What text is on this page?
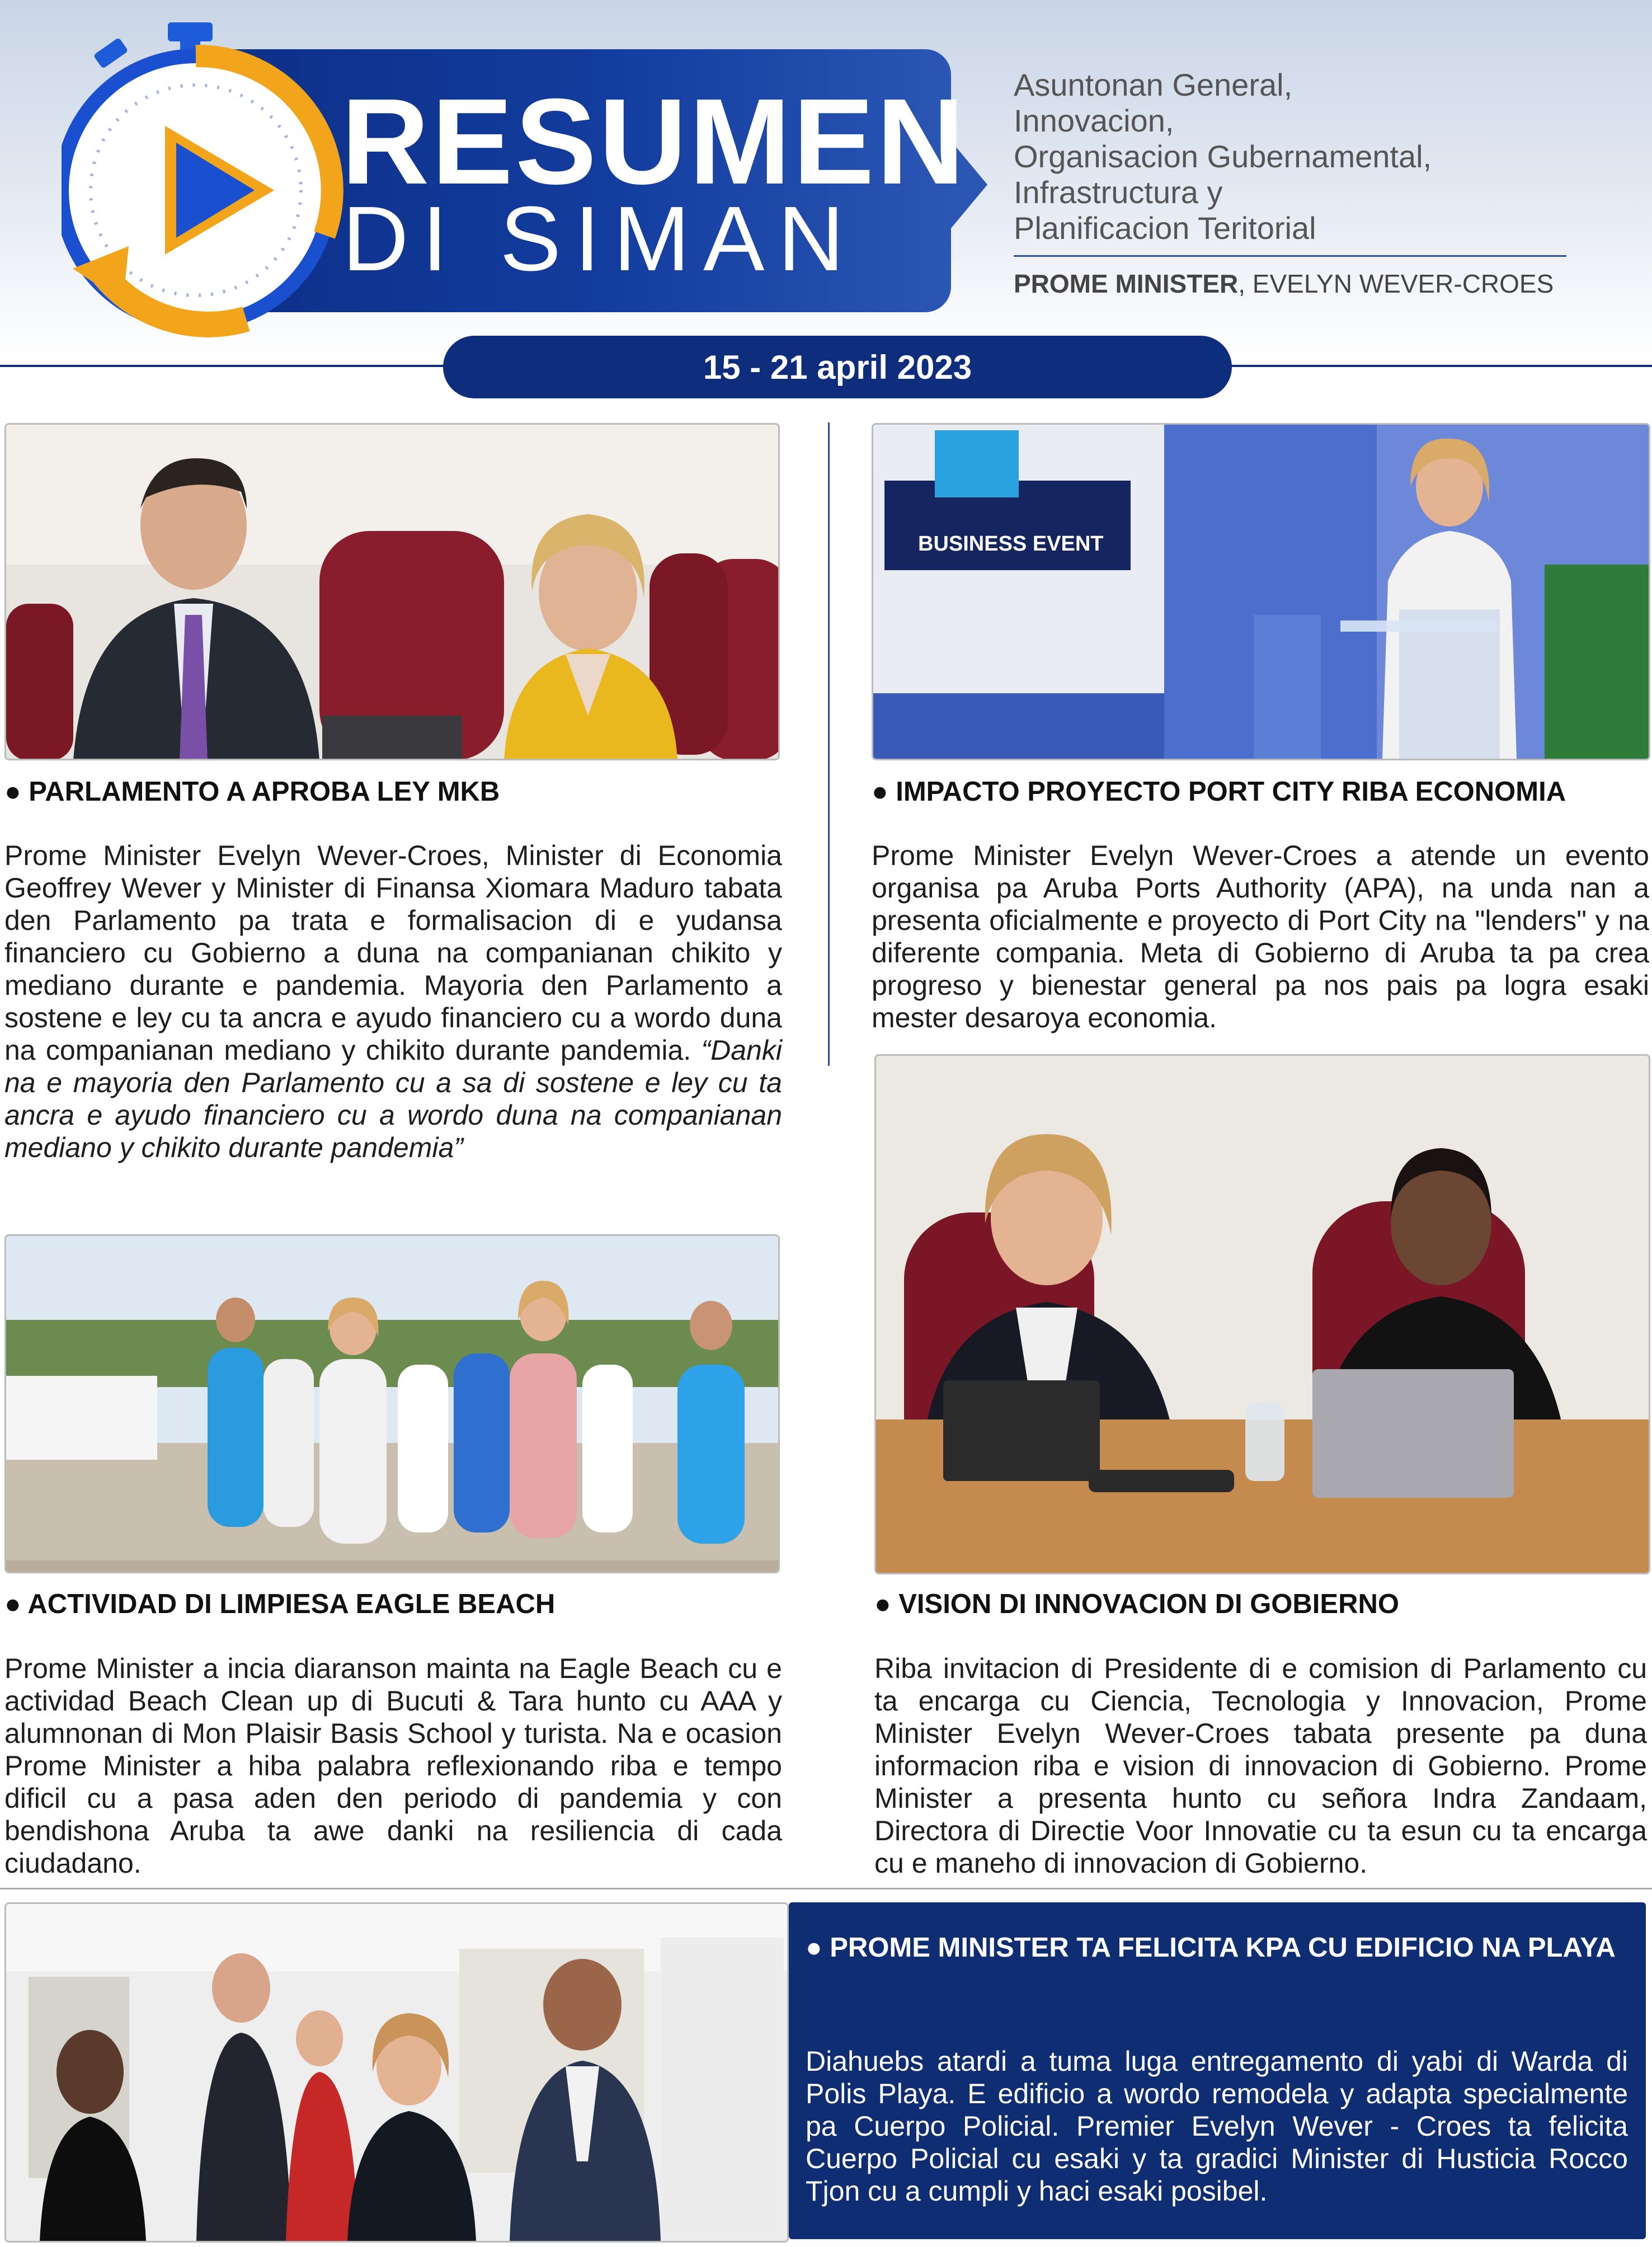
RESUMEN
DI SIMAN
Asuntonan General,
Innovacion,
Organisacion Gubernamental,
Infrastructura y
Planificacion Teritorial
PROME MINISTER, EVELYN WEVER-CROES
15 - 21 april 2023
BUSINESS EVENT
● PARLAMENTO A APROBA LEY MKB
Prome Minister Evelyn Wever-Croes, Minister di Economia Geoffrey Wever y Minister di Finansa Xiomara Maduro tabata den Parlamento pa trata e formalisacion di e yudansa financiero cu Gobierno a duna na companianan chikito y mediano durante e pandemia. Mayoria den Parlamento a sostene e ley cu ta ancra e ayudo financiero cu a wordo duna na companianan mediano y chikito durante pandemia. “Danki na e mayoria den Parlamento cu a sa di sostene e ley cu ta ancra e ayudo financiero cu a wordo duna na companianan mediano y chikito durante pandemia”
● IMPACTO PROYECTO PORT CITY RIBA ECONOMIA
Prome Minister Evelyn Wever-Croes a atende un evento organisa pa Aruba Ports Authority (APA), na unda nan a presenta oficialmente e proyecto di Port City na "lenders" y na diferente compania. Meta di Gobierno di Aruba ta pa crea progreso y bienestar general pa nos pais pa logra esaki mester desaroya economia.
● ACTIVIDAD DI LIMPIESA EAGLE BEACH
Prome Minister a incia diaranson mainta na Eagle Beach cu e actividad Beach Clean up di Bucuti & Tara hunto cu AAA y alumnonan di Mon Plaisir Basis School y turista. Na e ocasion Prome Minister a hiba palabra reflexionando riba e tempo dificil cu a pasa aden den periodo di pandemia y con bendishona Aruba ta awe danki na resiliencia di cada ciudadano.
● VISION DI INNOVACION DI GOBIERNO
Riba invitacion di Presidente di e comision di Parlamento cu ta encarga cu Ciencia, Tecnologia y Innovacion, Prome Minister Evelyn Wever-Croes tabata presente pa duna informacion riba e vision di innovacion di Gobierno. Prome Minister a presenta hunto cu señora Indra Zandaam, Directora di Directie Voor Innovatie cu ta esun cu ta encarga cu e maneho di innovacion di Gobierno.
● PROME MINISTER TA FELICITA KPA CU EDIFICIO NA PLAYA
Diahuebs atardi a tuma luga entregamento di yabi di Warda di Polis Playa. E edificio a wordo remodela y adapta specialmente pa Cuerpo Policial. Premier Evelyn Wever - Croes ta felicita Cuerpo Policial cu esaki y ta gradici Minister di Husticia Rocco Tjon cu a cumpli y haci esaki posibel.
